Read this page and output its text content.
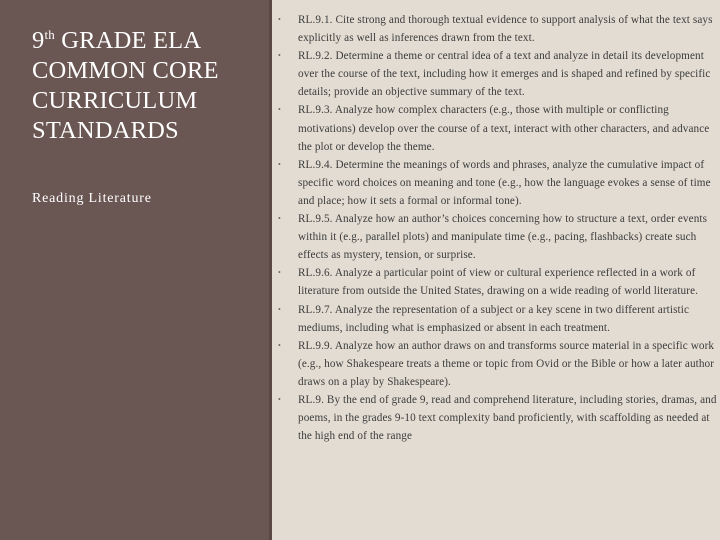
9th GRADE ELA COMMON CORE CURRICULUM STANDARDS

Reading Literature

• RL.9.1. Cite strong and thorough textual evidence to support analysis of what the text says explicitly as well as inferences drawn from the text.
• RL.9.2. Determine a theme or central idea of a text and analyze in detail its development over the course of the text, including how it emerges and is shaped and refined by specific details; provide an objective summary of the text.
• RL.9.3. Analyze how complex characters (e.g., those with multiple or conflicting motivations) develop over the course of a text, interact with other characters, and advance the plot or develop the theme.
• RL.9.4. Determine the meanings of words and phrases, analyze the cumulative impact of specific word choices on meaning and tone (e.g., how the language evokes a sense of time and place; how it sets a formal or informal tone).
• RL.9.5. Analyze how an author’s choices concerning how to structure a text, order events within it (e.g., parallel plots) and manipulate time (e.g., pacing, flashbacks) create such effects as mystery, tension, or surprise.
• RL.9.6. Analyze a particular point of view or cultural experience reflected in a work of literature from outside the United States, drawing on a wide reading of world literature.
• RL.9.7. Analyze the representation of a subject or a key scene in two different artistic mediums, including what is emphasized or absent in each treatment.
• RL.9.9. Analyze how an author draws on and transforms source material in a specific work (e.g., how Shakespeare treats a theme or topic from Ovid or the Bible or how a later author draws on a play by Shakespeare).
• RL.9. By the end of grade 9, read and comprehend literature, including stories, dramas, and poems, in the grades 9-10 text complexity band proficiently, with scaffolding as needed at the high end of the range
